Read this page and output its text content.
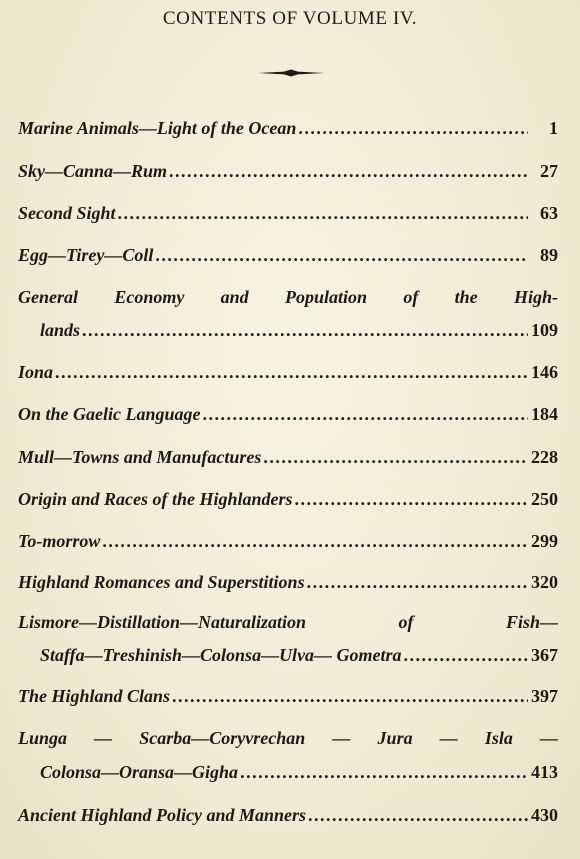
CONTENTS OF VOLUME IV.
Marine Animals—Light of the Ocean . . .	1
Sky—Canna—Rum . . .	27
Second Sight . . .	63
Egg—Tirey—Coll . . .	89
General Economy and Population of the High-
lands . . .	109
Iona . . .	146
On the Gaelic Language . . .	184
Mull—Towns and Manufactures . . .	228
Origin and Races of the Highlanders . . .	250
To-morrow . . .	299
Highland Romances and Superstitions . . .	320
Lismore—Distillation—Naturalization of Fish—
Staffa—Treshinish—Colonsa—Ulva— Gometra . . .	367
The Highland Clans . . .	397
Lunga — Scarba—Coryvrechan — Jura — Isla —
Colonsa—Oransa—Gigha . . .	413
Ancient Highland Policy and Manners . . .	430
